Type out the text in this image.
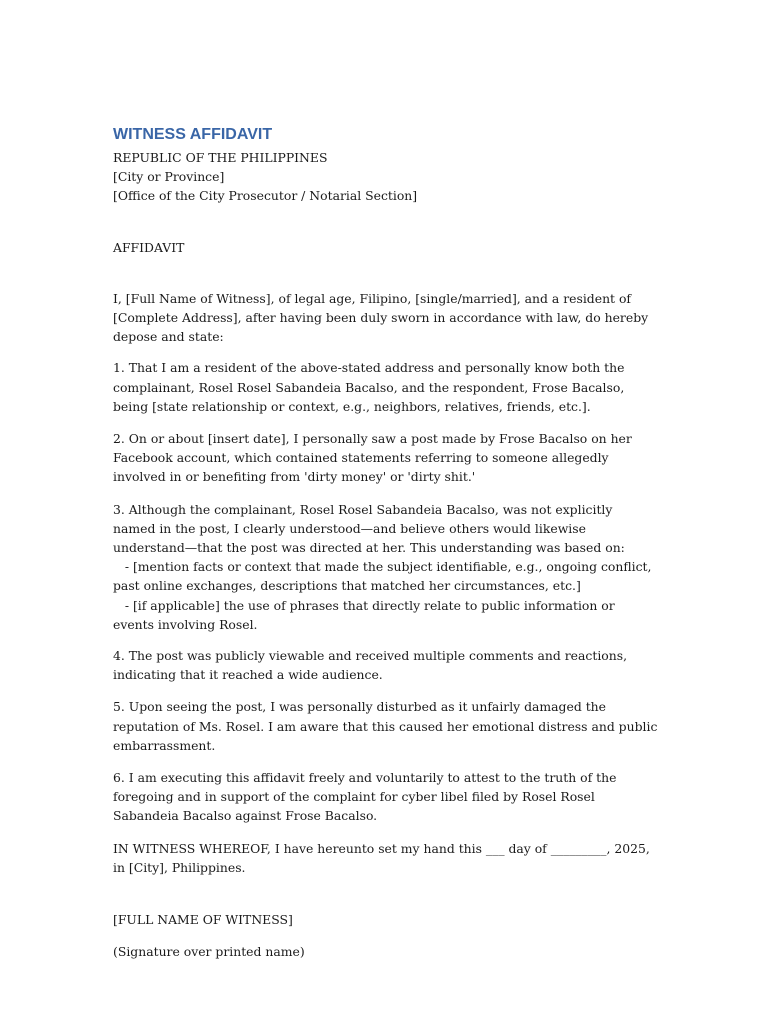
WITNESS AFFIDAVIT

REPUBLIC OF THE PHILIPPINES

[City or Province]

[Office of the City Prosecutor / Notarial Section]

AFFIDAVIT

I, [Full Name of Witness], of legal age, Filipino, [single/married], and a resident of [Complete Address], after having been duly sworn in accordance with law, do hereby depose and state:

1. That I am a resident of the above-stated address and personally know both the complainant, Rosel Rosel Sabandeia Bacalso, and the respondent, Frose Bacalso, being [state relationship or context, e.g., neighbors, relatives, friends, etc.].

2. On or about [insert date], I personally saw a post made by Frose Bacalso on her Facebook account, which contained statements referring to someone allegedly involved in or benefiting from 'dirty money' or 'dirty shit.'

3. Although the complainant, Rosel Rosel Sabandeia Bacalso, was not explicitly named in the post, I clearly understood—and believe others would likewise understand—that the post was directed at her. This understanding was based on:

- [mention facts or context that made the subject identifiable, e.g., ongoing conflict, past online exchanges, descriptions that matched her circumstances, etc.]

- [if applicable] the use of phrases that directly relate to public information or events involving Rosel.

4. The post was publicly viewable and received multiple comments and reactions, indicating that it reached a wide audience.

5. Upon seeing the post, I was personally disturbed as it unfairly damaged the reputation of Ms. Rosel. I am aware that this caused her emotional distress and public embarrassment.

6. I am executing this affidavit freely and voluntarily to attest to the truth of the foregoing and in support of the complaint for cyber libel filed by Rosel Rosel Sabandeia Bacalso against Frose Bacalso.

IN WITNESS WHEREOF, I have hereunto set my hand this ___ day of _________, 2025, in [City], Philippines.

[FULL NAME OF WITNESS]

(Signature over printed name)
